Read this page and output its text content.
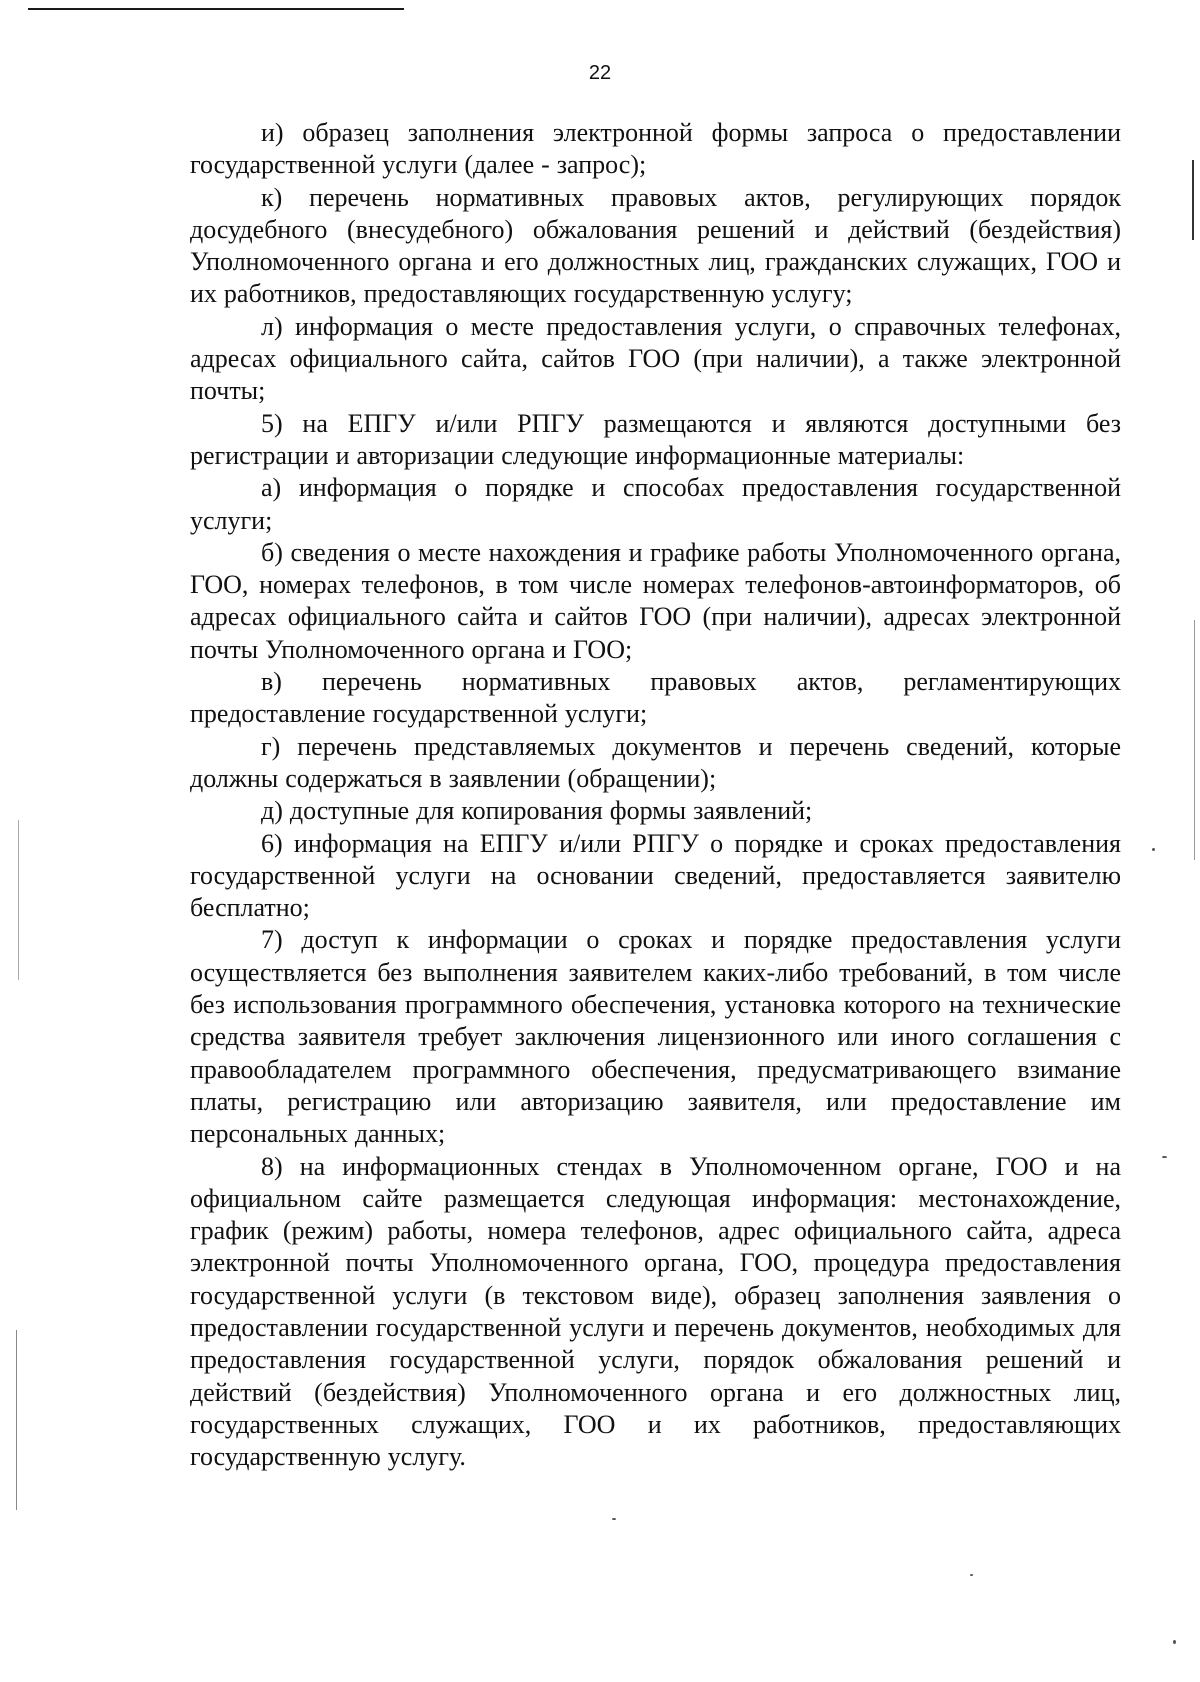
22

и) образец заполнения электронной формы запроса о предоставлении государственной услуги (далее - запрос);

к) перечень нормативных правовых актов, регулирующих порядок досудебного (внесудебного) обжалования решений и действий (бездействия) Уполномоченного органа и его должностных лиц, гражданских служащих, ГОО и их работников, предоставляющих государственную услугу;

л) информация о месте предоставления услуги, о справочных телефонах, адресах официального сайта, сайтов ГОО (при наличии), а также электронной почты;

5) на ЕПГУ и/или РПГУ размещаются и являются доступными без регистрации и авторизации следующие информационные материалы:

а) информация о порядке и способах предоставления государственной услуги;

б) сведения о месте нахождения и графике работы Уполномоченного органа, ГОО, номерах телефонов, в том числе номерах телефонов-автоинформаторов, об адресах официального сайта и сайтов ГОО (при наличии), адресах электронной почты Уполномоченного органа и ГОО;

в) перечень нормативных правовых актов, регламентирующих предоставление государственной услуги;

г) перечень представляемых документов и перечень сведений, которые должны содержаться в заявлении (обращении);

д) доступные для копирования формы заявлений;

6) информация на ЕПГУ и/или РПГУ о порядке и сроках предоставления государственной услуги на основании сведений, предоставляется заявителю бесплатно;

7) доступ к информации о сроках и порядке предоставления услуги осуществляется без выполнения заявителем каких-либо требований, в том числе без использования программного обеспечения, установка которого на технические средства заявителя требует заключения лицензионного или иного соглашения с правообладателем программного обеспечения, предусматривающего взимание платы, регистрацию или авторизацию заявителя, или предоставление им персональных данных;

8) на информационных стендах в Уполномоченном органе, ГОО и на официальном сайте размещается следующая информация: местонахождение, график (режим) работы, номера телефонов, адрес официального сайта, адреса электронной почты Уполномоченного органа, ГОО, процедура предоставления государственной услуги (в текстовом виде), образец заполнения заявления о предоставлении государственной услуги и перечень документов, необходимых для предоставления государственной услуги, порядок обжалования решений и действий (бездействия) Уполномоченного органа и его должностных лиц, государственных служащих, ГОО и их работников, предоставляющих государственную услугу.
